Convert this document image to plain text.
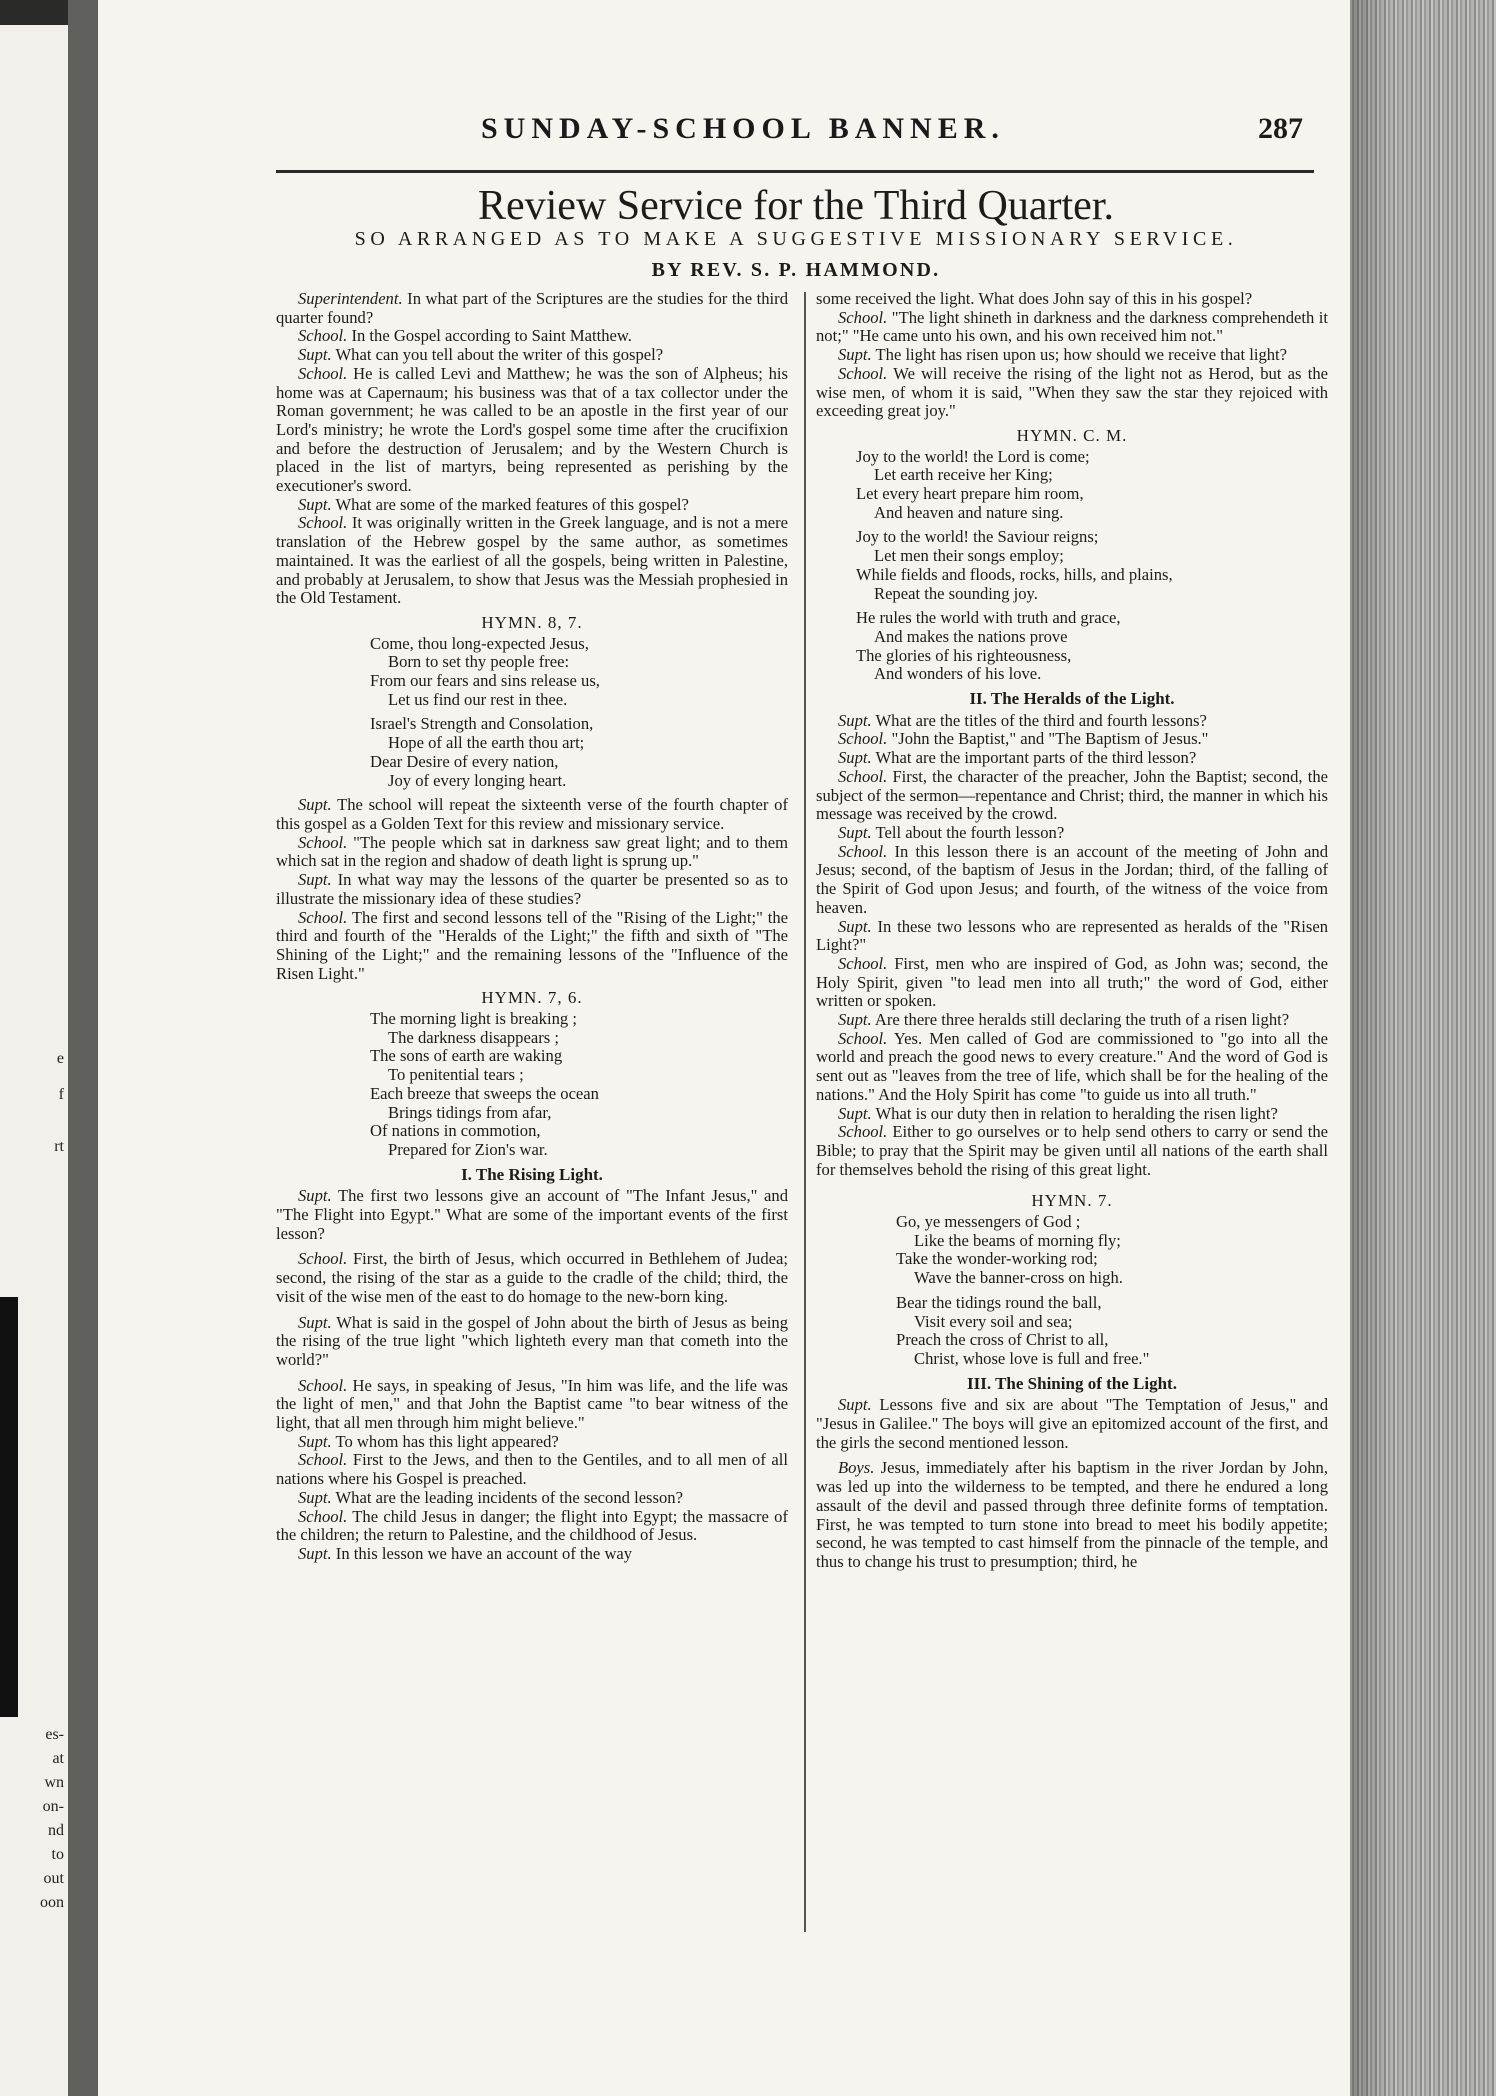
e
f
rt
es-
at
wn
on-
nd
to
out
oon
SUNDAY-SCHOOL BANNER.	287
Review Service for the Third Quarter.
SO ARRANGED AS TO MAKE A SUGGESTIVE MISSIONARY SERVICE.
BY REV. S. P. HAMMOND.

Superintendent. In what part of the Scriptures are the studies for the third quarter found?

School. In the Gospel according to Saint Matthew.

Supt. What can you tell about the writer of this gospel?

School. He is called Levi and Matthew; he was the son of Alpheus; his home was at Capernaum; his business was that of a tax collector under the Roman government; he was called to be an apostle in the first year of our Lord's ministry; he wrote the Lord's gospel some time after the crucifixion and before the destruction of Jerusalem; and by the Western Church is placed in the list of martyrs, being represented as perishing by the executioner's sword.

Supt. What are some of the marked features of this gospel?

School. It was originally written in the Greek language, and is not a mere translation of the Hebrew gospel by the same author, as sometimes maintained. It was the earliest of all the gospels, being written in Palestine, and probably at Jerusalem, to show that Jesus was the Messiah prophesied in the Old Testament.

HYMN. 8, 7.
Come, thou long-expected Jesus,
Born to set thy people free:
From our fears and sins release us,
Let us find our rest in thee.
Israel's Strength and Consolation,
Hope of all the earth thou art;
Dear Desire of every nation,
Joy of every longing heart.

Supt. The school will repeat the sixteenth verse of the fourth chapter of this gospel as a Golden Text for this review and missionary service.

School. "The people which sat in darkness saw great light; and to them which sat in the region and shadow of death light is sprung up."

Supt. In what way may the lessons of the quarter be presented so as to illustrate the missionary idea of these studies?

School. The first and second lessons tell of the "Rising of the Light;" the third and fourth of the "Heralds of the Light;" the fifth and sixth of "The Shining of the Light;" and the remaining lessons of the "Influence of the Risen Light."

HYMN. 7, 6.
The morning light is breaking ;
The darkness disappears ;
The sons of earth are waking
To penitential tears ;
Each breeze that sweeps the ocean
Brings tidings from afar,
Of nations in commotion,
Prepared for Zion's war.
I. The Rising Light.

Supt. The first two lessons give an account of "The Infant Jesus," and "The Flight into Egypt." What are some of the important events of the first lesson?

School. First, the birth of Jesus, which occurred in Bethlehem of Judea; second, the rising of the star as a guide to the cradle of the child; third, the visit of the wise men of the east to do homage to the new-born king.

Supt. What is said in the gospel of John about the birth of Jesus as being the rising of the true light "which lighteth every man that cometh into the world?"

School. He says, in speaking of Jesus, "In him was life, and the life was the light of men," and that John the Baptist came "to bear witness of the light, that all men through him might believe."

Supt. To whom has this light appeared?

School. First to the Jews, and then to the Gentiles, and to all men of all nations where his Gospel is preached.

Supt. What are the leading incidents of the second lesson?

School. The child Jesus in danger; the flight into Egypt; the massacre of the children; the return to Palestine, and the childhood of Jesus.

Supt. In this lesson we have an account of the way

some received the light. What does John say of this in his gospel?

School. "The light shineth in darkness and the darkness comprehendeth it not;" "He came unto his own, and his own received him not."

Supt. The light has risen upon us; how should we receive that light?

School. We will receive the rising of the light not as Herod, but as the wise men, of whom it is said, "When they saw the star they rejoiced with exceeding great joy."

HYMN. C. M.
Joy to the world! the Lord is come;
Let earth receive her King;
Let every heart prepare him room,
And heaven and nature sing.
Joy to the world! the Saviour reigns;
Let men their songs employ;
While fields and floods, rocks, hills, and plains,
Repeat the sounding joy.
He rules the world with truth and grace,
And makes the nations prove
The glories of his righteousness,
And wonders of his love.
II. The Heralds of the Light.

Supt. What are the titles of the third and fourth lessons?

School. "John the Baptist," and "The Baptism of Jesus."

Supt. What are the important parts of the third lesson?

School. First, the character of the preacher, John the Baptist; second, the subject of the sermon—repentance and Christ; third, the manner in which his message was received by the crowd.

Supt. Tell about the fourth lesson?

School. In this lesson there is an account of the meeting of John and Jesus; second, of the baptism of Jesus in the Jordan; third, of the falling of the Spirit of God upon Jesus; and fourth, of the witness of the voice from heaven.

Supt. In these two lessons who are represented as heralds of the "Risen Light?"

School. First, men who are inspired of God, as John was; second, the Holy Spirit, given "to lead men into all truth;" the word of God, either written or spoken.

Supt. Are there three heralds still declaring the truth of a risen light?

School. Yes. Men called of God are commissioned to "go into all the world and preach the good news to every creature." And the word of God is sent out as "leaves from the tree of life, which shall be for the healing of the nations." And the Holy Spirit has come "to guide us into all truth."

Supt. What is our duty then in relation to heralding the risen light?

School. Either to go ourselves or to help send others to carry or send the Bible; to pray that the Spirit may be given until all nations of the earth shall for themselves behold the rising of this great light.

HYMN. 7.
Go, ye messengers of God ;
Like the beams of morning fly;
Take the wonder-working rod;
Wave the banner-cross on high.
Bear the tidings round the ball,
Visit every soil and sea;
Preach the cross of Christ to all,
Christ, whose love is full and free."
III. The Shining of the Light.

Supt. Lessons five and six are about "The Temptation of Jesus," and "Jesus in Galilee." The boys will give an epitomized account of the first, and the girls the second mentioned lesson.

Boys. Jesus, immediately after his baptism in the river Jordan by John, was led up into the wilderness to be tempted, and there he endured a long assault of the devil and passed through three definite forms of temptation. First, he was tempted to turn stone into bread to meet his bodily appetite; second, he was tempted to cast himself from the pinnacle of the temple, and thus to change his trust to presumption; third, he
